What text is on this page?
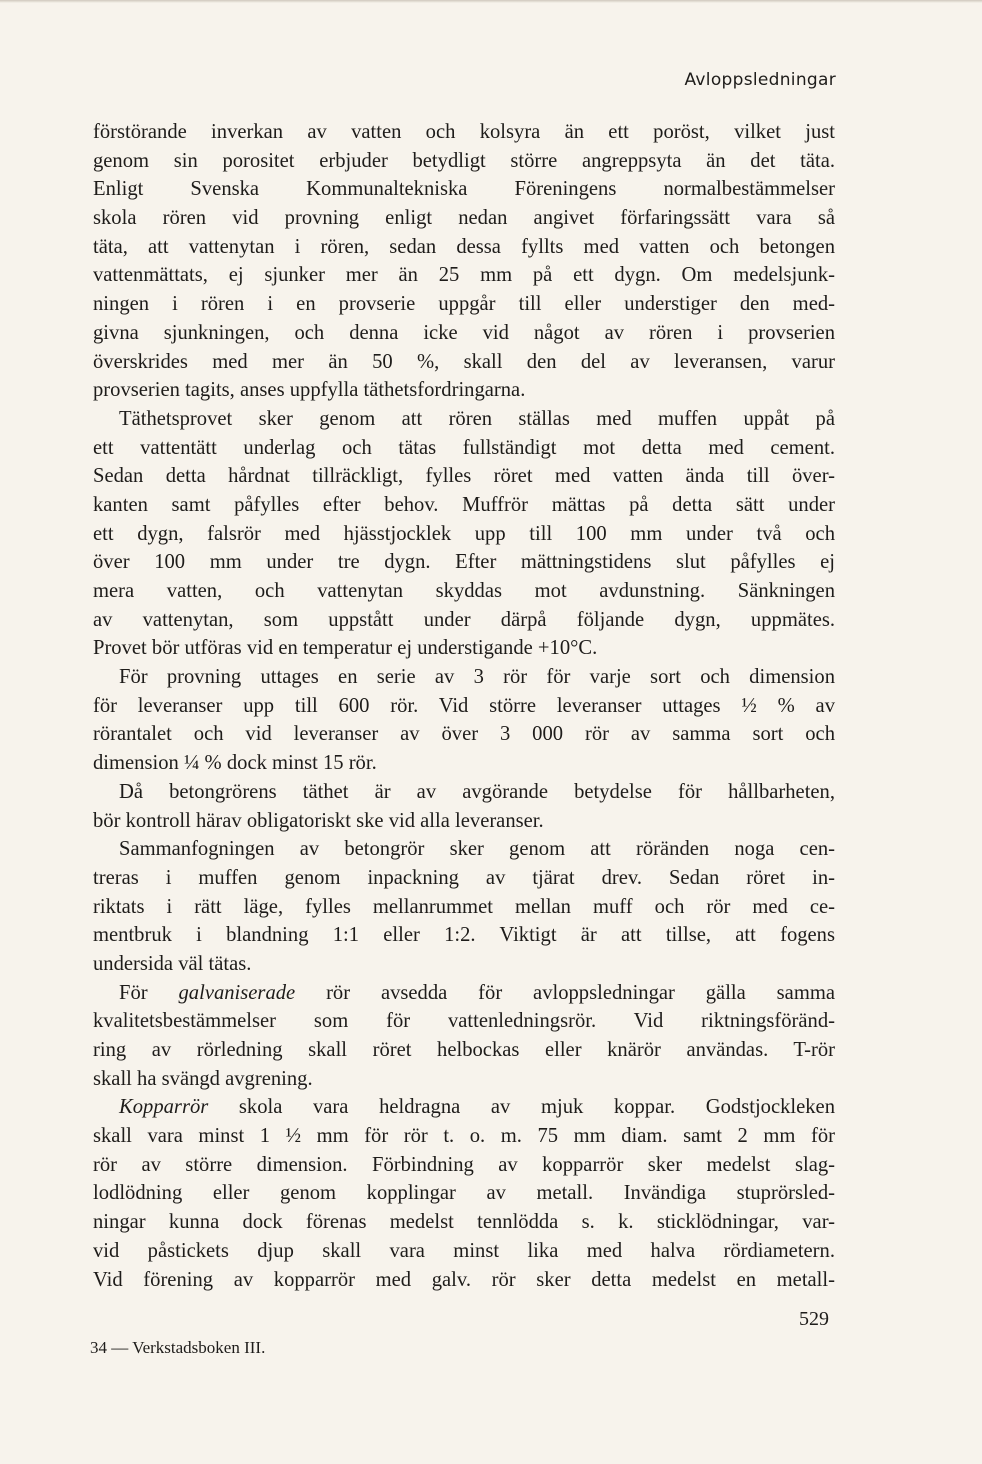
Avloppsledningar
förstörande inverkan av vatten och kolsyra än ett poröst, vilket just
genom sin porositet erbjuder betydligt större angreppsyta än det täta.
Enligt Svenska Kommunaltekniska Föreningens normalbestämmelser
skola rören vid provning enligt nedan angivet förfaringssätt vara så
täta, att vattenytan i rören, sedan dessa fyllts med vatten och betongen
vattenmättats, ej sjunker mer än 25 mm på ett dygn. Om medelsjunk-
ningen i rören i en provserie uppgår till eller understiger den med-
givna sjunkningen, och denna icke vid något av rören i provserien
överskrides med mer än 50 %, skall den del av leveransen, varur
provserien tagits, anses uppfylla täthetsfordringarna.
Täthetsprovet sker genom att rören ställas med muffen uppåt på
ett vattentätt underlag och tätas fullständigt mot detta med cement.
Sedan detta hårdnat tillräckligt, fylles röret med vatten ända till över-
kanten samt påfylles efter behov. Muffrör mättas på detta sätt under
ett dygn, falsrör med hjässtjocklek upp till 100 mm under två och
över 100 mm under tre dygn. Efter mättningstidens slut påfylles ej
mera vatten, och vattenytan skyddas mot avdunstning. Sänkningen
av vattenytan, som uppstått under därpå följande dygn, uppmätes.
Provet bör utföras vid en temperatur ej understigande +10°C.
För provning uttages en serie av 3 rör för varje sort och dimension
för leveranser upp till 600 rör. Vid större leveranser uttages ½ % av
rörantalet och vid leveranser av över 3 000 rör av samma sort och
dimension ¼ % dock minst 15 rör.
Då betongrörens täthet är av avgörande betydelse för hållbarheten,
bör kontroll härav obligatoriskt ske vid alla leveranser.
Sammanfogningen av betongrör sker genom att röränden noga cen-
treras i muffen genom inpackning av tjärat drev. Sedan röret in-
riktats i rätt läge, fylles mellanrummet mellan muff och rör med ce-
mentbruk i blandning 1:1 eller 1:2. Viktigt är att tillse, att fogens
undersida väl tätas.
För galvaniserade rör avsedda för avloppsledningar gälla samma
kvalitetsbestämmelser som för vattenledningsrör. Vid riktningsföränd-
ring av rörledning skall röret helbockas eller knärör användas. T-rör
skall ha svängd avgrening.
Kopparrör skola vara heldragna av mjuk koppar. Godstjockleken
skall vara minst 1 ½ mm för rör t. o. m. 75 mm diam. samt 2 mm för
rör av större dimension. Förbindning av kopparrör sker medelst slag-
lodlödning eller genom kopplingar av metall. Invändiga stuprörsled-
ningar kunna dock förenas medelst tennlödda s. k. sticklödningar, var-
vid påstickets djup skall vara minst lika med halva rördiametern.
Vid förening av kopparrör med galv. rör sker detta medelst en metall-
529
34 — Verkstadsboken III.
